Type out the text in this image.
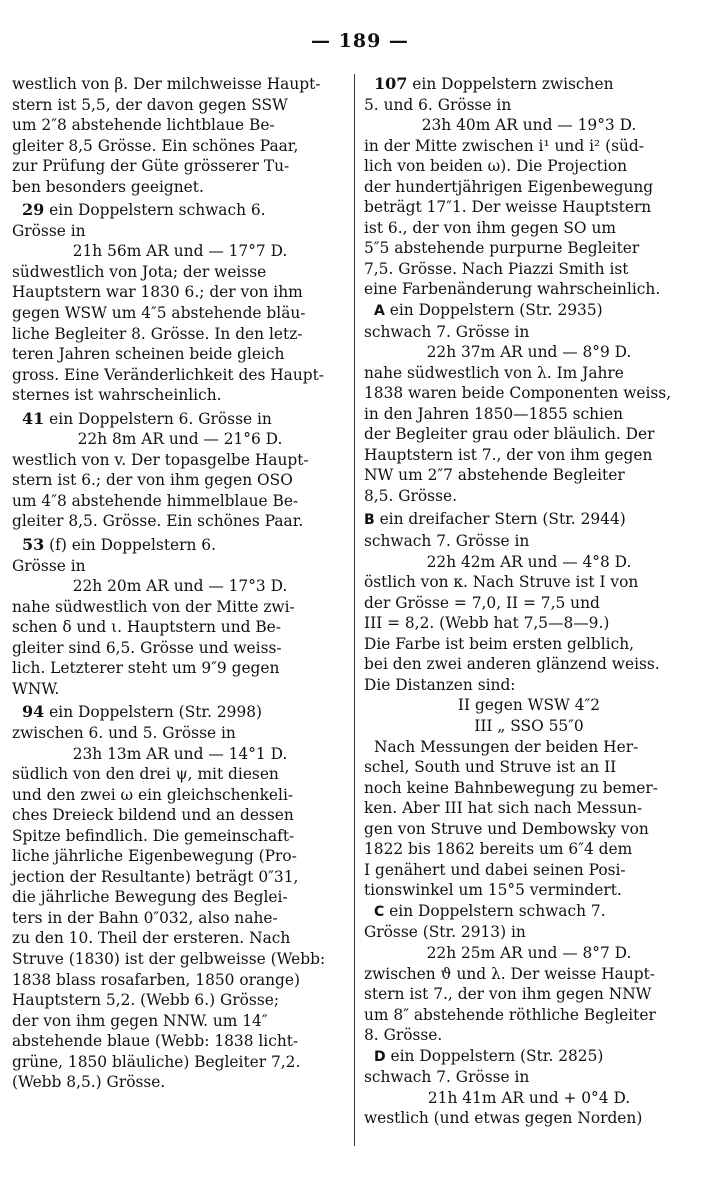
— 189 —

westlich von β. Der milchweisse Haupt-

stern ist 5,5, der davon gegen SSW

um 2″8 abstehende lichtblaue Be-

gleiter 8,5 Grösse. Ein schönes Paar,

zur Prüfung der Güte grösserer Tu-

ben besonders geeignet.

29 ein Doppelstern schwach 6.

Grösse in

21h 56m AR und — 17°7 D.

südwestlich von Jota; der weisse

Hauptstern war 1830 6.; der von ihm

gegen WSW um 4″5 abstehende bläu-

liche Begleiter 8. Grösse. In den letz-

teren Jahren scheinen beide gleich

gross. Eine Veränderlichkeit des Haupt-

sternes ist wahrscheinlich.

41 ein Doppelstern 6. Grösse in

22h 8m AR und — 21°6 D.

westlich von v. Der topasgelbe Haupt-

stern ist 6.; der von ihm gegen OSO

um 4″8 abstehende himmelblaue Be-

gleiter 8,5. Grösse. Ein schönes Paar.

53 (f) ein Doppelstern 6.

Grösse in

22h 20m AR und — 17°3 D.

nahe südwestlich von der Mitte zwi-

schen δ und ι. Hauptstern und Be-

gleiter sind 6,5. Grösse und weiss-

lich. Letzterer steht um 9″9 gegen

WNW.

94 ein Doppelstern (Str. 2998)

zwischen 6. und 5. Grösse in

23h 13m AR und — 14°1 D.

südlich von den drei ψ, mit diesen

und den zwei ω ein gleichschenkeli-

ches Dreieck bildend und an dessen

Spitze befindlich. Die gemeinschaft-

liche jährliche Eigenbewegung (Pro-

jection der Resultante) beträgt 0″31,

die jährliche Bewegung des Beglei-

ters in der Bahn 0″032, also nahe-

zu den 10. Theil der ersteren. Nach

Struve (1830) ist der gelbweisse (Webb:

1838 blass rosafarben, 1850 orange)

Hauptstern 5,2. (Webb 6.) Grösse;

der von ihm gegen NNW. um 14″

abstehende blaue (Webb: 1838 licht-

grüne, 1850 bläuliche) Begleiter 7,2.

(Webb 8,5.) Grösse.

107 ein Doppelstern zwischen

5. und 6. Grösse in

23h 40m AR und — 19°3 D.

in der Mitte zwischen i¹ und i² (süd-

lich von beiden ω). Die Projection

der hundertjährigen Eigenbewegung

beträgt 17″1. Der weisse Hauptstern

ist 6., der von ihm gegen SO um

5″5 abstehende purpurne Begleiter

7,5. Grösse. Nach Piazzi Smith ist

eine Farbenänderung wahrscheinlich.

A ein Doppelstern (Str. 2935)

schwach 7. Grösse in

22h 37m AR und — 8°9 D.

nahe südwestlich von λ. Im Jahre

1838 waren beide Componenten weiss,

in den Jahren 1850—1855 schien

der Begleiter grau oder bläulich. Der

Hauptstern ist 7., der von ihm gegen

NW um 2″7 abstehende Begleiter

8,5. Grösse.

B ein dreifacher Stern (Str. 2944)

schwach 7. Grösse in

22h 42m AR und — 4°8 D.

östlich von κ. Nach Struve ist I von

der Grösse = 7,0, II = 7,5 und

III = 8,2. (Webb hat 7,5—8—9.)

Die Farbe ist beim ersten gelblich,

bei den zwei anderen glänzend weiss.

Die Distanzen sind:

II gegen WSW 4″2

III „ SSO 55″0

Nach Messungen der beiden Her-

schel, South und Struve ist an II

noch keine Bahnbewegung zu bemer-

ken. Aber III hat sich nach Messun-

gen von Struve und Dembowsky von

1822 bis 1862 bereits um 6″4 dem

I genähert und dabei seinen Posi-

tionswinkel um 15°5 vermindert.

C ein Doppelstern schwach 7.

Grösse (Str. 2913) in

22h 25m AR und — 8°7 D.

zwischen ϑ und λ. Der weisse Haupt-

stern ist 7., der von ihm gegen NNW

um 8″ abstehende röthliche Begleiter

8. Grösse.

D ein Doppelstern (Str. 2825)

schwach 7. Grösse in

21h 41m AR und + 0°4 D.

westlich (und etwas gegen Norden)
